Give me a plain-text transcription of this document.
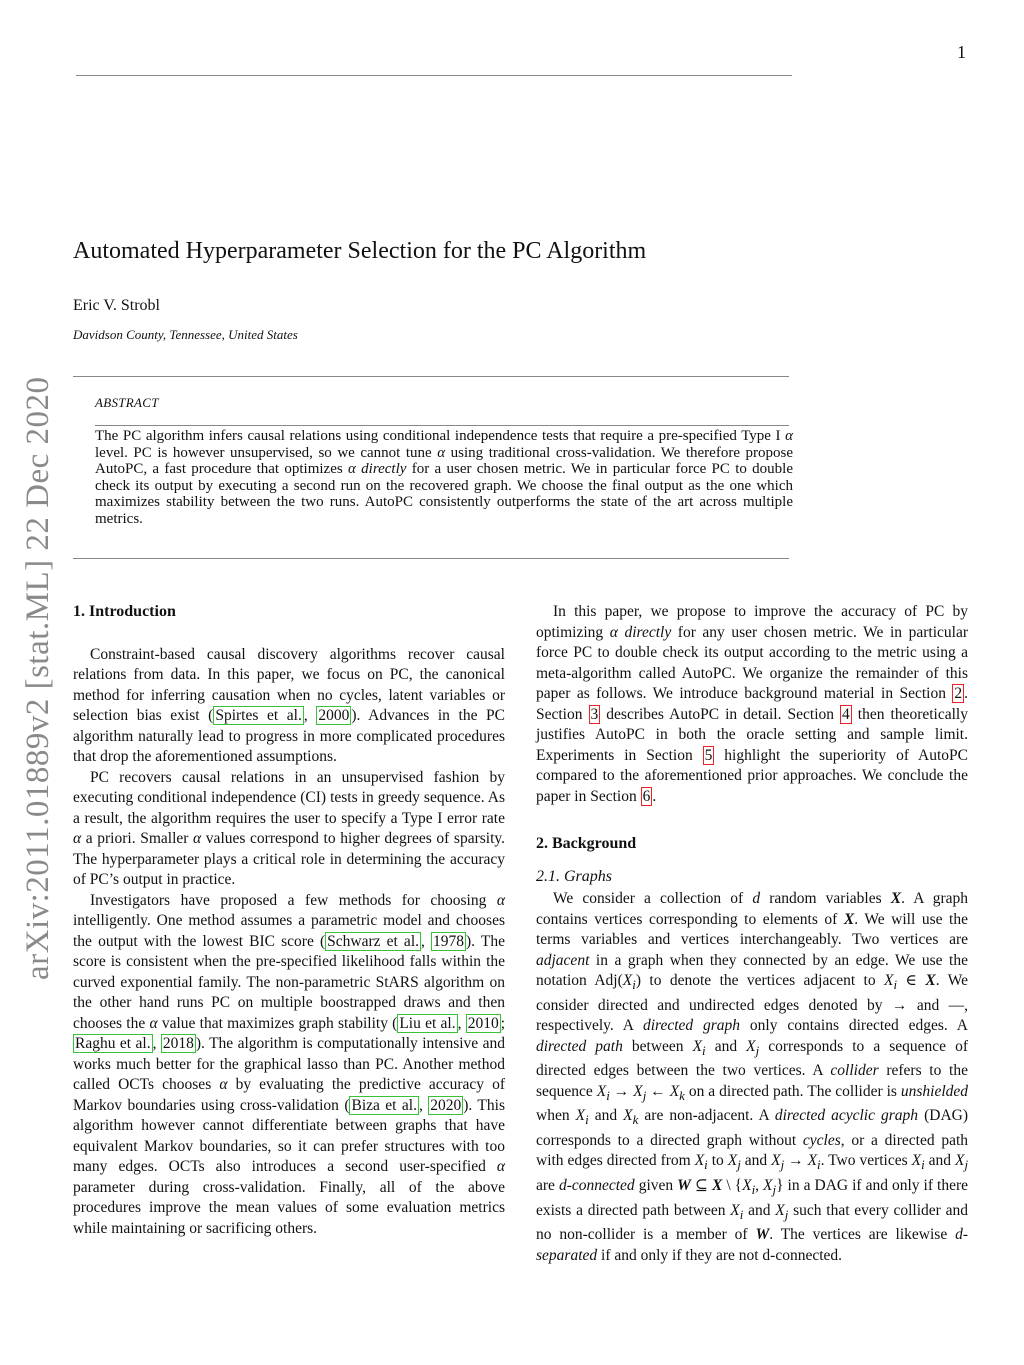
1
arXiv:2011.01889v2 [stat.ML] 22 Dec 2020
Automated Hyperparameter Selection for the PC Algorithm
Eric V. Strobl
Davidson County, Tennessee, United States
ABSTRACT
The PC algorithm infers causal relations using conditional independence tests that require a pre-specified Type I α level. PC is however unsupervised, so we cannot tune α using traditional cross-validation. We therefore propose AutoPC, a fast procedure that optimizes α directly for a user chosen metric. We in particular force PC to double check its output by executing a second run on the recovered graph. We choose the final output as the one which maximizes stability between the two runs. AutoPC consistently outperforms the state of the art across multiple metrics.
1. Introduction

Constraint-based causal discovery algorithms recover causal relations from data. In this paper, we focus on PC, the canonical method for inferring causation when no cycles, latent variables or selection bias exist ( Spirtes et al. , 2000 ). Advances in the PC algorithm naturally lead to progress in more complicated procedures that drop the aforementioned assumptions.

PC recovers causal relations in an unsupervised fashion by executing conditional independence (CI) tests in greedy sequence. As a result, the algorithm requires the user to specify a Type I error rate α a priori. Smaller α values correspond to higher degrees of sparsity. The hyperparameter plays a critical role in determining the accuracy of PC’s output in practice.

Investigators have proposed a few methods for choosing α intelligently. One method assumes a parametric model and chooses the output with the lowest BIC score ( Schwarz et al. , 1978 ). The score is consistent when the pre-specified likelihood falls within the curved exponential family. The non-parametric StARS algorithm on the other hand runs PC on multiple boostrapped draws and then chooses the α value that maximizes graph stability ( Liu et al. , 2010 ; Raghu et al. , 2018 ). The algorithm is computationally intensive and works much better for the graphical lasso than PC. Another method called OCTs chooses α by evaluating the predictive accuracy of Markov boundaries using cross-validation ( Biza et al. , 2020 ). This algorithm however cannot differentiate between graphs that have equivalent Markov boundaries, so it can prefer structures with too many edges. OCTs also introduces a second user-specified α parameter during cross-validation. Finally, all of the above procedures improve the mean values of some evaluation metrics while maintaining or sacrificing others.

In this paper, we propose to improve the accuracy of PC by optimizing α directly for any user chosen metric. We in particular force PC to double check its output according to the metric using a meta-algorithm called AutoPC. We organize the remainder of this paper as follows. We introduce background material in Section 2 . Section 3 describes AutoPC in detail. Section 4 then theoretically justifies AutoPC in both the oracle setting and sample limit. Experiments in Section 5 highlight the superiority of AutoPC compared to the aforementioned prior approaches. We conclude the paper in Section 6 .

2. Background
2.1. Graphs

We consider a collection of d random variables X. A graph contains vertices corresponding to elements of X. We will use the terms variables and vertices interchangeably. Two vertices are adjacent in a graph when they connected by an edge. We use the notation $Adj(X_i)$ to denote the vertices adjacent to $X_i$ ∈ X. We consider directed and undirected edges denoted by → and —, respectively. A directed graph only contains directed edges. A directed path between $X_i$ and $X_j$ corresponds to a sequence of directed edges between the two vertices. A collider refers to the sequence $X_i \to X_j$ ← $X_k$ on a directed path. The collider is unshielded when $X_i$ and $X_k$ are non-adjacent. A directed acyclic graph (DAG) corresponds to a directed graph without cycles, or a directed path with edges directed from $X_i$ to $X_j$ and $X_j \to X_i$. Two vertices $X_i$ and $X_j$ are d-connected given W ⊆ X \ {$X_i$, $X_j$} in a DAG if and only if there exists a directed path between $X_i$ and $X_j$ such that every collider and no non-collider is a member of W. The vertices are likewise d-separated if and only if they are not d-connected.
